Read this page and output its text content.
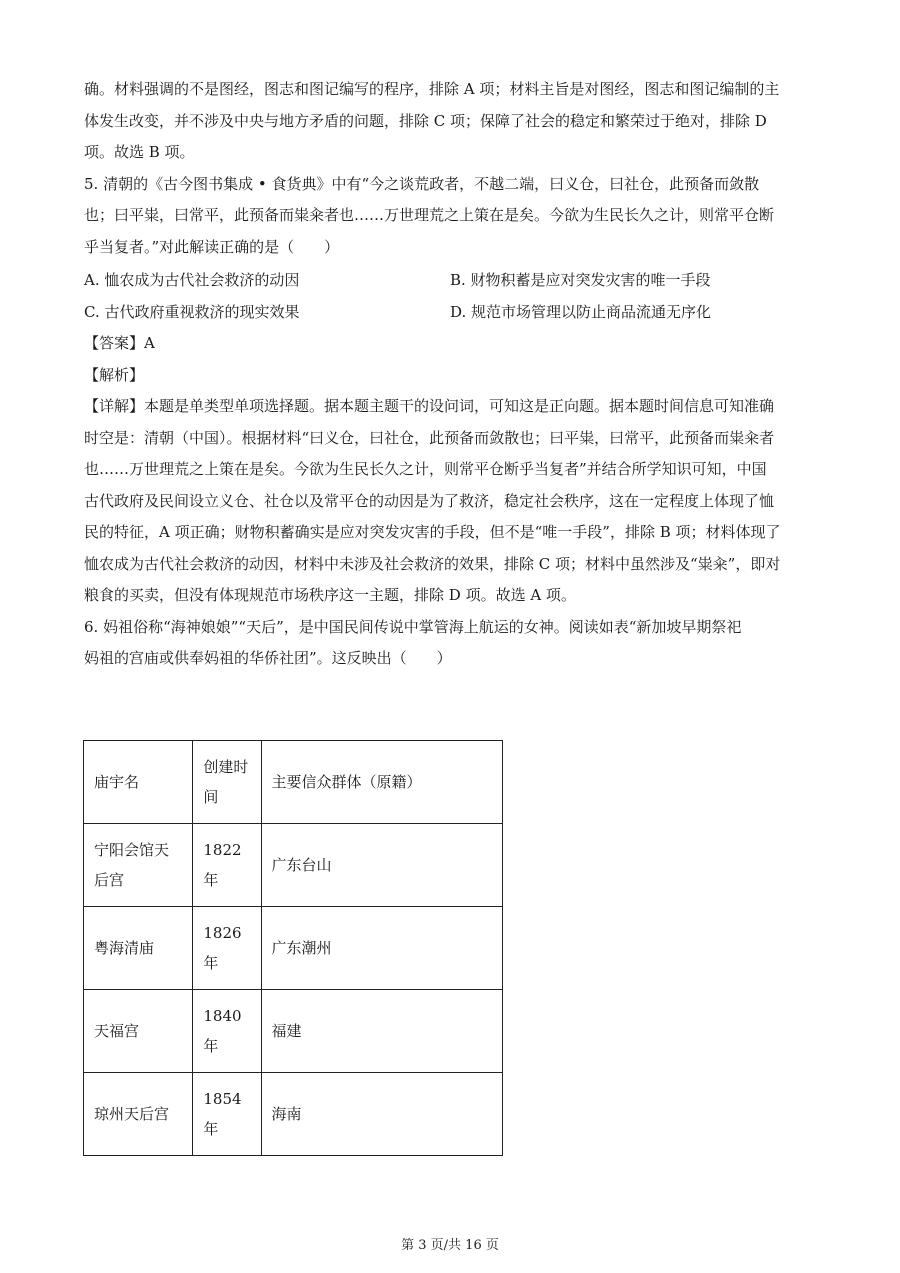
确。材料强调的不是图经，图志和图记编写的程序，排除 A 项；材料主旨是对图经，图志和图记编制的主
体发生改变，并不涉及中央与地方矛盾的问题，排除 C 项；保障了社会的稳定和繁荣过于绝对，排除 D
项。故选 B 项。

5. 清朝的《古今图书集成 • 食货典》中有“今之谈荒政者，不越二端，曰义仓，曰社仓，此预备而敛散
也；曰平粜，曰常平，此预备而粜籴者也……万世理荒之上策在是矣。今欲为生民长久之计，则常平仓断
乎当复者。”对此解读正确的是（　　）

A. 恤农成为古代社会救济的动因	B. 财物积蓄是应对突发灾害的唯一手段
C. 古代政府重视救济的现实效果	D. 规范市场管理以防止商品流通无序化

【答案】A

【解析】

【详解】本题是单类型单项选择题。据本题主题干的设问词，可知这是正向题。据本题时间信息可知准确
时空是：清朝（中国）。根据材料“曰义仓，曰社仓，此预备而敛散也；曰平粜，曰常平，此预备而粜籴者
也……万世理荒之上策在是矣。今欲为生民长久之计，则常平仓断乎当复者”并结合所学知识可知，中国
古代政府及民间设立义仓、社仓以及常平仓的动因是为了救济，稳定社会秩序，这在一定程度上体现了恤
民的特征，A 项正确；财物积蓄确实是应对突发灾害的手段，但不是“唯一手段”，排除 B 项；材料体现了
恤农成为古代社会救济的动因，材料中未涉及社会救济的效果，排除 C 项；材料中虽然涉及“粜籴”，即对
粮食的买卖，但没有体现规范市场秩序这一主题，排除 D 项。故选 A 项。

6. 妈祖俗称“海神娘娘”“天后”，是中国民间传说中掌管海上航运的女神。阅读如表“新加坡早期祭祀
妈祖的宫庙或供奉妈祖的华侨社团”。这反映出（　　）

庙宇名	创建时间	主要信众群体（原籍）
宁阳会馆天后宫	1822年	广东台山
粤海清庙	1826年	广东潮州
天福宫	1840年	福建
琼州天后宫	1854年	海南
第 3 页/共 16 页
